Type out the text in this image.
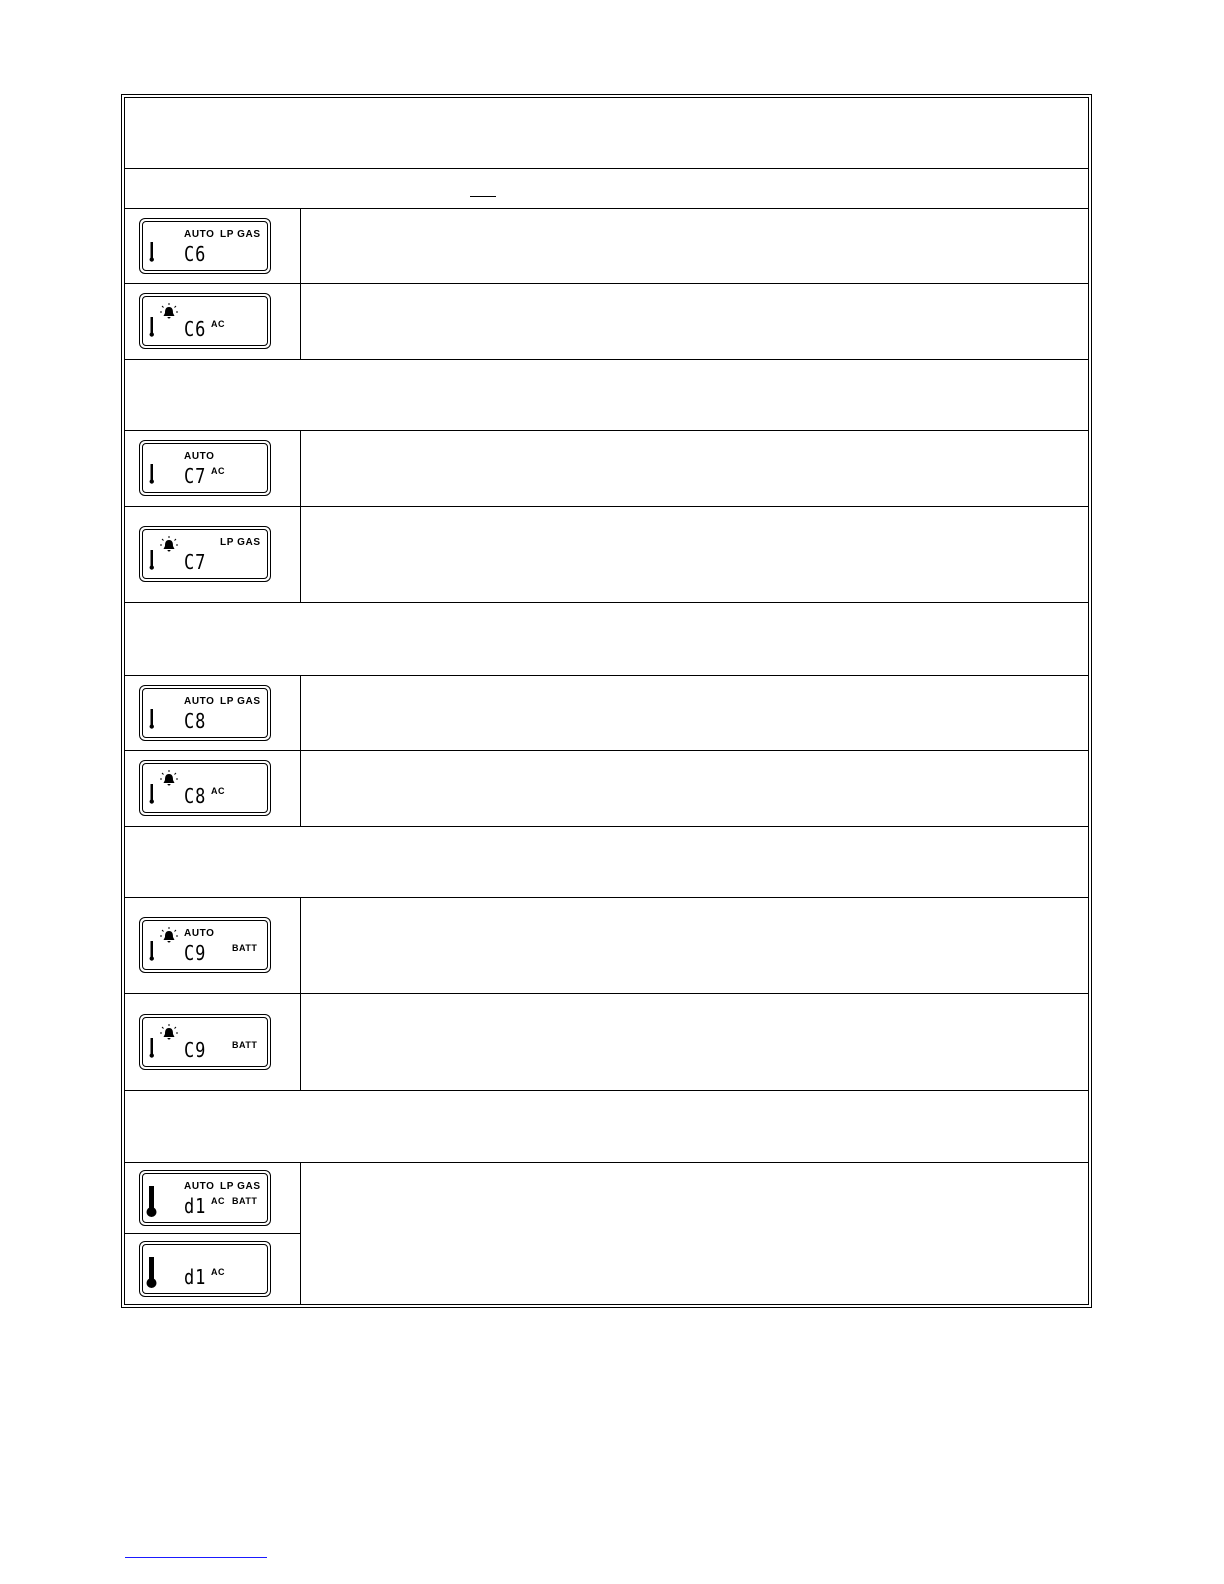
AUTO LP GAS
C6
C6 AC
AUTO
C7 AC
LP GAS
C7
AUTO LP GAS
C8
C8 AC
AUTO
C9	BATT
C9	BATT
AUTO LP GAS
d1 AC BATT
d1 AC
